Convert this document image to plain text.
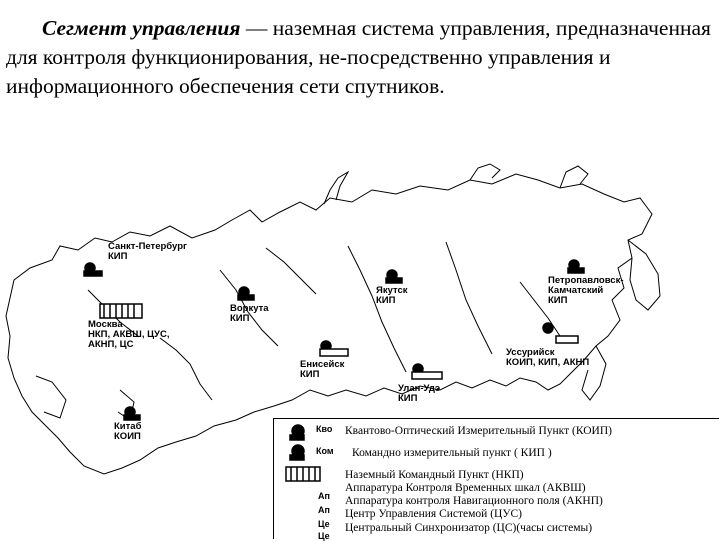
Сегмент управления — наземная система управления, предназначенная для контроля функционирования, не-посредственно управления и информационного обеспечения сети спутников.

Санкт-Петербург
КИП
Москва
НКП, АКВШ, ЦУС, АКНП, ЦС
Воркута
КИП
Енисейск
КИП
Якутск
КИП
Улан-Удэ
КИП
Петропавловск-Камчатский
КИП
Уссурийск
КОИП, КИП, АКНП
Китаб
КОИП
Кво
Ком
Ап
Ап
Це
Це
Квантово-Оптический Измерительный Пункт (КОИП)
Командно измерительный пункт ( КИП )
Наземный Командный Пункт (НКП)
Аппаратура Контроля Временных шкал (АКВШ)
Аппаратура контроля Навигационного поля (АКНП)
Центр Управления Системой (ЦУС)
Центральный Синхронизатор (ЦС)(часы системы)
